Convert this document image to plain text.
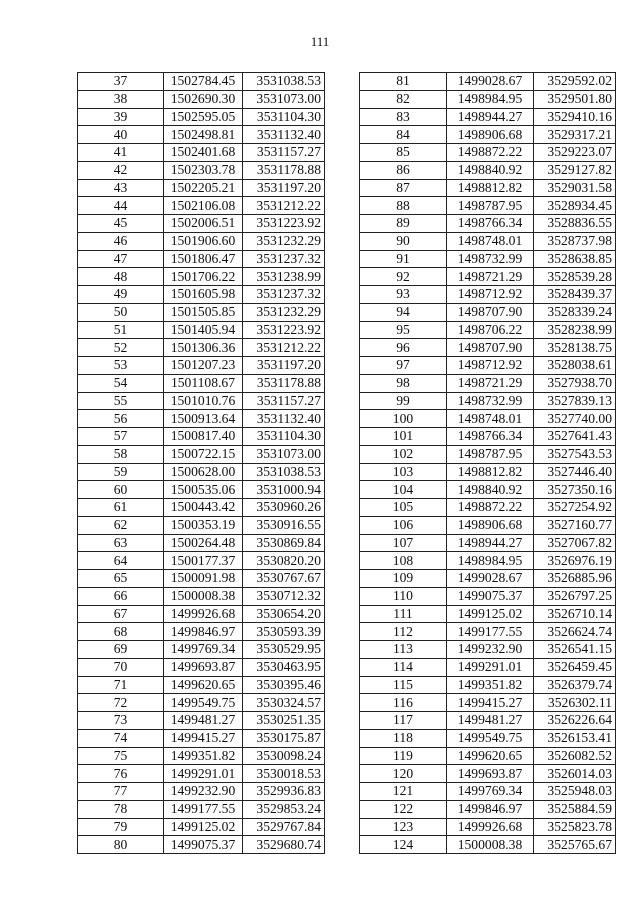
111
37	1502784.45	3531038.53
38	1502690.30	3531073.00
39	1502595.05	3531104.30
40	1502498.81	3531132.40
41	1502401.68	3531157.27
42	1502303.78	3531178.88
43	1502205.21	3531197.20
44	1502106.08	3531212.22
45	1502006.51	3531223.92
46	1501906.60	3531232.29
47	1501806.47	3531237.32
48	1501706.22	3531238.99
49	1501605.98	3531237.32
50	1501505.85	3531232.29
51	1501405.94	3531223.92
52	1501306.36	3531212.22
53	1501207.23	3531197.20
54	1501108.67	3531178.88
55	1501010.76	3531157.27
56	1500913.64	3531132.40
57	1500817.40	3531104.30
58	1500722.15	3531073.00
59	1500628.00	3531038.53
60	1500535.06	3531000.94
61	1500443.42	3530960.26
62	1500353.19	3530916.55
63	1500264.48	3530869.84
64	1500177.37	3530820.20
65	1500091.98	3530767.67
66	1500008.38	3530712.32
67	1499926.68	3530654.20
68	1499846.97	3530593.39
69	1499769.34	3530529.95
70	1499693.87	3530463.95
71	1499620.65	3530395.46
72	1499549.75	3530324.57
73	1499481.27	3530251.35
74	1499415.27	3530175.87
75	1499351.82	3530098.24
76	1499291.01	3530018.53
77	1499232.90	3529936.83
78	1499177.55	3529853.24
79	1499125.02	3529767.84
80	1499075.37	3529680.74
81	1499028.67	3529592.02
82	1498984.95	3529501.80
83	1498944.27	3529410.16
84	1498906.68	3529317.21
85	1498872.22	3529223.07
86	1498840.92	3529127.82
87	1498812.82	3529031.58
88	1498787.95	3528934.45
89	1498766.34	3528836.55
90	1498748.01	3528737.98
91	1498732.99	3528638.85
92	1498721.29	3528539.28
93	1498712.92	3528439.37
94	1498707.90	3528339.24
95	1498706.22	3528238.99
96	1498707.90	3528138.75
97	1498712.92	3528038.61
98	1498721.29	3527938.70
99	1498732.99	3527839.13
100	1498748.01	3527740.00
101	1498766.34	3527641.43
102	1498787.95	3527543.53
103	1498812.82	3527446.40
104	1498840.92	3527350.16
105	1498872.22	3527254.92
106	1498906.68	3527160.77
107	1498944.27	3527067.82
108	1498984.95	3526976.19
109	1499028.67	3526885.96
110	1499075.37	3526797.25
111	1499125.02	3526710.14
112	1499177.55	3526624.74
113	1499232.90	3526541.15
114	1499291.01	3526459.45
115	1499351.82	3526379.74
116	1499415.27	3526302.11
117	1499481.27	3526226.64
118	1499549.75	3526153.41
119	1499620.65	3526082.52
120	1499693.87	3526014.03
121	1499769.34	3525948.03
122	1499846.97	3525884.59
123	1499926.68	3525823.78
124	1500008.38	3525765.67
